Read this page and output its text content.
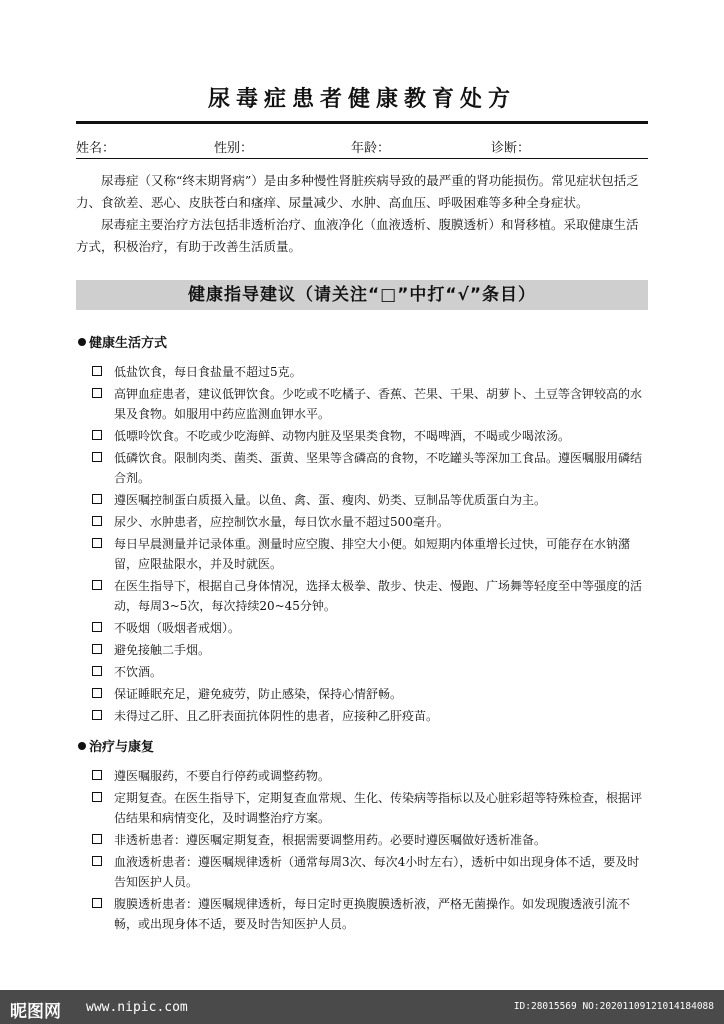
尿毒症患者健康教育处方
姓名：	性别：	年龄：	诊断：

尿毒症（又称“终末期肾病”）是由多种慢性肾脏疾病导致的最严重的肾功能损伤。常见症状包括乏力、食欲差、恶心、皮肤苍白和瘙痒、尿量减少、水肿、高血压、呼吸困难等多种全身症状。

尿毒症主要治疗方法包括非透析治疗、血液净化（血液透析、腹膜透析）和肾移植。采取健康生活方式，积极治疗，有助于改善生活质量。

健康指导建议（请关注“□”中打“√”条目）
健康生活方式
低盐饮食，每日食盐量不超过5克。
高钾血症患者，建议低钾饮食。少吃或不吃橘子、香蕉、芒果、干果、胡萝卜、土豆等含钾较高的水果及食物。如服用中药应监测血钾水平。
低嘌呤饮食。不吃或少吃海鲜、动物内脏及坚果类食物，不喝啤酒，不喝或少喝浓汤。
低磷饮食。限制肉类、菌类、蛋黄、坚果等含磷高的食物，不吃罐头等深加工食品。遵医嘱服用磷结合剂。
遵医嘱控制蛋白质摄入量。以鱼、禽、蛋、瘦肉、奶类、豆制品等优质蛋白为主。
尿少、水肿患者，应控制饮水量，每日饮水量不超过500毫升。
每日早晨测量并记录体重。测量时应空腹、排空大小便。如短期内体重增长过快，可能存在水钠潴留，应限盐限水，并及时就医。
在医生指导下，根据自己身体情况，选择太极拳、散步、快走、慢跑、广场舞等轻度至中等强度的活动，每周3~5次，每次持续20~45分钟。
不吸烟（吸烟者戒烟）。
避免接触二手烟。
不饮酒。
保证睡眠充足，避免疲劳，防止感染，保持心情舒畅。
未得过乙肝、且乙肝表面抗体阴性的患者，应接种乙肝疫苗。
治疗与康复
遵医嘱服药，不要自行停药或调整药物。
定期复查。在医生指导下，定期复查血常规、生化、传染病等指标以及心脏彩超等特殊检查，根据评估结果和病情变化，及时调整治疗方案。
非透析患者：遵医嘱定期复查，根据需要调整用药。必要时遵医嘱做好透析准备。
血液透析患者：遵医嘱规律透析（通常每周3次、每次4小时左右），透析中如出现身体不适，要及时告知医护人员。
腹膜透析患者：遵医嘱规律透析，每日定时更换腹膜透析液，严格无菌操作。如发现腹透液引流不畅，或出现身体不适，要及时告知医护人员。
昵图网 www.nipic.com	ID:28015569 NO:20201109121014184088
